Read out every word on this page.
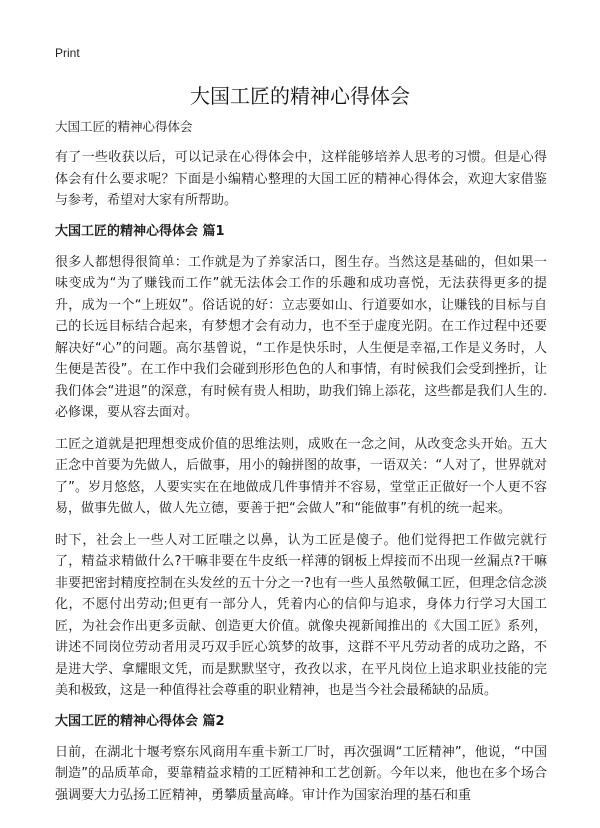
Print
大国工匠的精神心得体会

大国工匠的精神心得体会

有了一些收获以后，可以记录在心得体会中，这样能够培养人思考的习惯。但是心得体会有什么要求呢？下面是小编精心整理的大国工匠的精神心得体会，欢迎大家借鉴与参考，希望对大家有所帮助。

大国工匠的精神心得体会 篇1

很多人都想得很简单：工作就是为了养家活口，图生存。当然这是基础的，但如果一味变成为“为了赚钱而工作”就无法体会工作的乐趣和成功喜悦，无法获得更多的提升，成为一个“上班奴”。俗话说的好：立志要如山、行道要如水，让赚钱的目标与自己的长远目标结合起来，有梦想才会有动力，也不至于虚度光阴。在工作过程中还要解决好“心”的问题。高尔基曾说，“工作是快乐时，人生便是幸福,工作是义务时，人生便是苦役”。在工作中我们会碰到形形色色的人和事情，有时候我们会受到挫折，让我们体会“进退”的深意，有时候有贵人相助，助我们锦上添花，这些都是我们人生的.必修课，要从容去面对。

工匠之道就是把理想变成价值的思维法则，成败在一念之间，从改变念头开始。五大正念中首要为先做人，后做事，用小的翰拼图的故事，一语双关：“人对了，世界就对了”。岁月悠悠，人要实实在在地做成几件事情并不容易，堂堂正正做好一个人更不容易，做事先做人，做人先立德，要善于把“会做人”和“能做事”有机的统一起来。

时下，社会上一些人对工匠嗤之以鼻，认为工匠是傻子。他们觉得把工作做完就行了，精益求精做什么?干嘛非要在牛皮纸一样薄的钢板上焊接而不出现一丝漏点?干嘛非要把密封精度控制在头发丝的五十分之一?也有一些人虽然敬佩工匠，但理念信念淡化，不愿付出劳动;但更有一部分人，凭着内心的信仰与追求，身体力行学习大国工匠，为社会作出更多贡献、创造更大价值。就像央视新闻推出的《大国工匠》系列，讲述不同岗位劳动者用灵巧双手匠心筑梦的故事，这群不平凡劳动者的成功之路，不是进大学、拿耀眼文凭，而是默默坚守，孜孜以求，在平凡岗位上追求职业技能的完美和极致，这是一种值得社会尊重的职业精神，也是当今社会最稀缺的品质。

大国工匠的精神心得体会 篇2

日前，在湖北十堰考察东风商用车重卡新工厂时，再次强调“工匠精神”，他说，“中国制造”的品质革命，要靠精益求精的工匠精神和工艺创新。今年以来，他也在多个场合强调要大力弘扬工匠精神，勇攀质量高峰。审计作为国家治理的基石和重
